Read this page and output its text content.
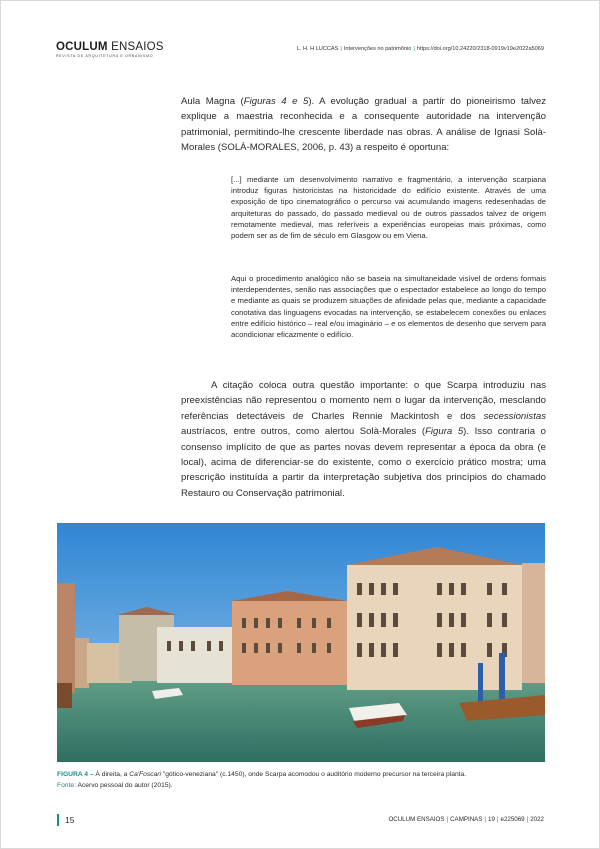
OCULUM ENSAIOS
REVISTA DE ARQUITETURA E URBANISMO
L. H. H LUCCAS | Intervenções no patrimônio | https://doi.org/10.24220/2318-0919v19e2022a5069

Aula Magna (Figuras 4 e 5). A evolução gradual a partir do pioneirismo talvez explique a maestria reconhecida e a consequente autoridade na intervenção patrimonial, permitindo-lhe crescente liberdade nas obras. A análise de Ignasi Solà-Morales (SOLÀ-MORALES, 2006, p. 43) a respeito é oportuna:

[...] mediante um desenvolvimento narrativo e fragmentário, a intervenção scarpiana introduz figuras historicistas na historicidade do edifício existente. Através de uma exposição de tipo cinematográfico o percurso vai acumulando imagens redesenhadas de arquiteturas do passado, do passado medieval ou de outros passados talvez de origem remotamente medieval, mas referíveis a experiências europeias mais próximas, como podem ser as de fim de século em Glasgow ou em Viena.

Aqui o procedimento analógico não se baseia na simultaneidade visível de ordens formais interdependentes, senão nas associações que o espectador estabelece ao longo do tempo e mediante as quais se produzem situações de afinidade pelas que, mediante a capacidade conotativa das linguagens evocadas na intervenção, se estabelecem conexões ou enlaces entre edifício histórico – real e/ou imaginário – e os elementos de desenho que servem para acondicionar eficazmente o edifício.

A citação coloca outra questão importante: o que Scarpa introduziu nas preexistências não representou o momento nem o lugar da intervenção, mesclando referências detectáveis de Charles Rennie Mackintosh e dos secessionistas austríacos, entre outros, como alertou Solà-Morales (Figura 5). Isso contraria o consenso implícito de que as partes novas devem representar a época da obra (e local), acima de diferenciar-se do existente, como o exercício prático mostra; uma prescrição instituída a partir da interpretação subjetiva dos princípios do chamado Restauro ou Conservação patrimonial.

FIGURA 4 – À direita, a Ca'Foscari "gótico-veneziana" (c.1450), onde Scarpa acomodou o auditório moderno precursor na terceira planta.
Fonte: Acervo pessoal do autor (2015).
15	OCULUM ENSAIOS | CAMPINAS | 19 | e225069 | 2022
